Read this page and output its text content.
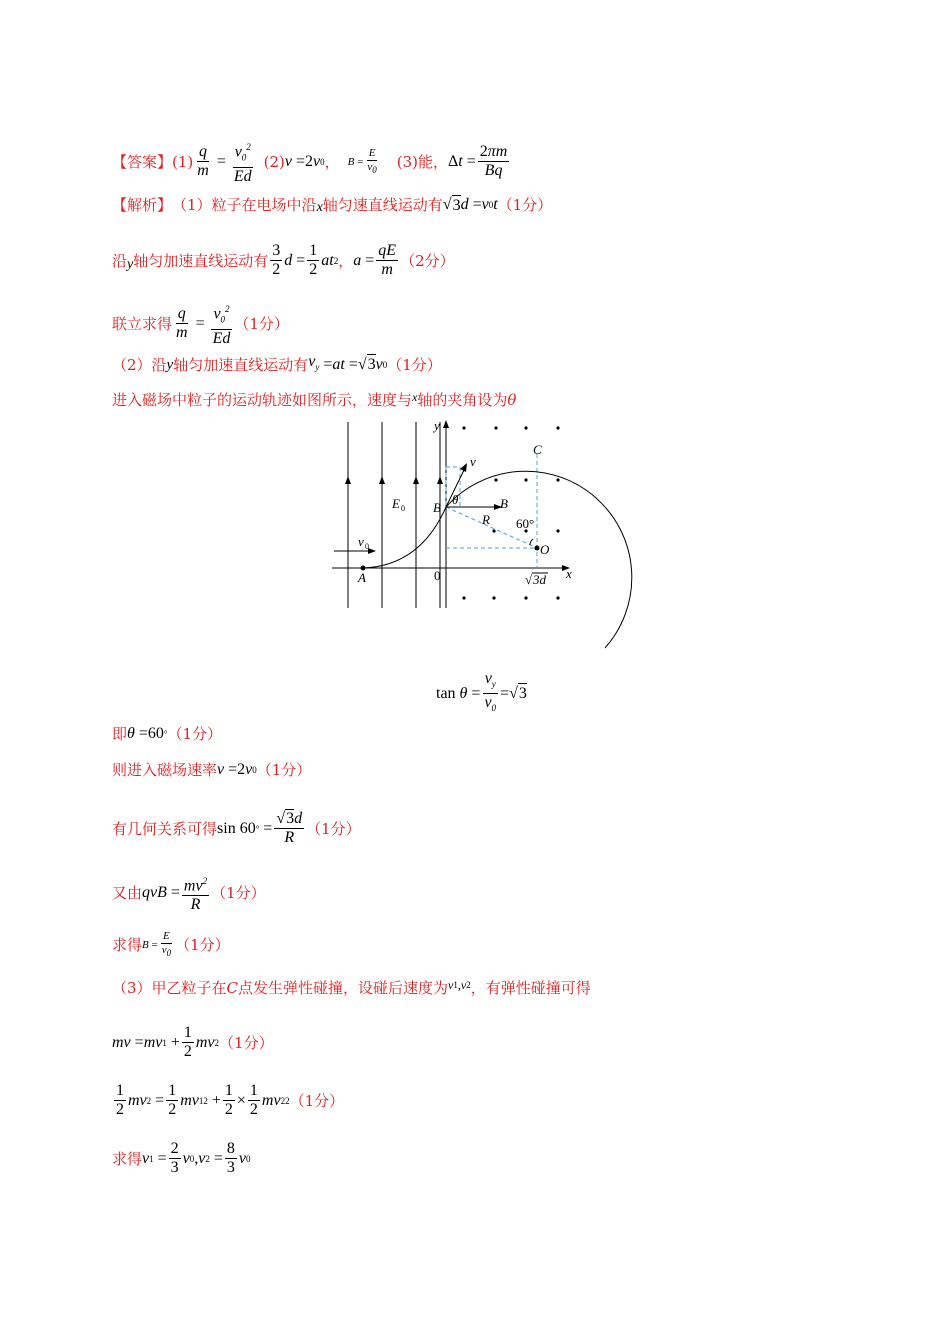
【答案】 $(1) \frac{q}{m} = \frac{v_0^2}{Ed} (2)$ v =2 v 0 ， $B = \frac{E}{v_0} (3)$能， Δ $t = \frac{2\pi m}{Bq}$
【解析】 （1）粒子在电场中沿 x 轴匀速直线运动有 √ 3 d = v 0 t （1分）
沿 y 轴匀加速直线运动有 $\frac{3}{2}$ $d = \frac{1}{2}$ at 2 ， $a = \frac{qE}{m} (2$分）
联立求得 $\frac{q}{m} = \frac{v_0^2}{Ed} (1$分）
（2）沿 y 轴匀加速直线运动有 $v_y$ = at =√ 3 v 0 （1分）
进入磁场中粒子的运动轨迹如图所示，速度与 x 轴的夹角设为 θ
y
x
v
C
B
θ	B
R
O
A
E 0
v 0
60°
0	√ 3d
$\tan \theta = \frac{v_y}{v_0}$ =√ 3
即 θ =60 ° （1分）
则进入磁场速率 v =2 v 0 （1分）
有几何关系可得 sin 60 ° = $\frac{√3d}{R} (1$分）
又由 qvB = $\frac{mv^2}{R} (1$分）
求得 $B = \frac{E}{v_0} (1$分）
（3）甲乙粒子在 C 点发生弹性碰撞，设碰后速度为 v 1 , v 2 ，有弹性碰撞可得
mv = mv $1 + \frac{1}{2}$ mv 2 （1分）
$\frac{1}{2}$ mv $2 = \frac{1}{2}$ mv 1 $2 + \frac{1}{2} \times \frac{1}{2}$ mv 2 2 （1分）
求得 v $1 = \frac{2}{3}$ v 0 , v $2 = \frac{8}{3}$ v 0
